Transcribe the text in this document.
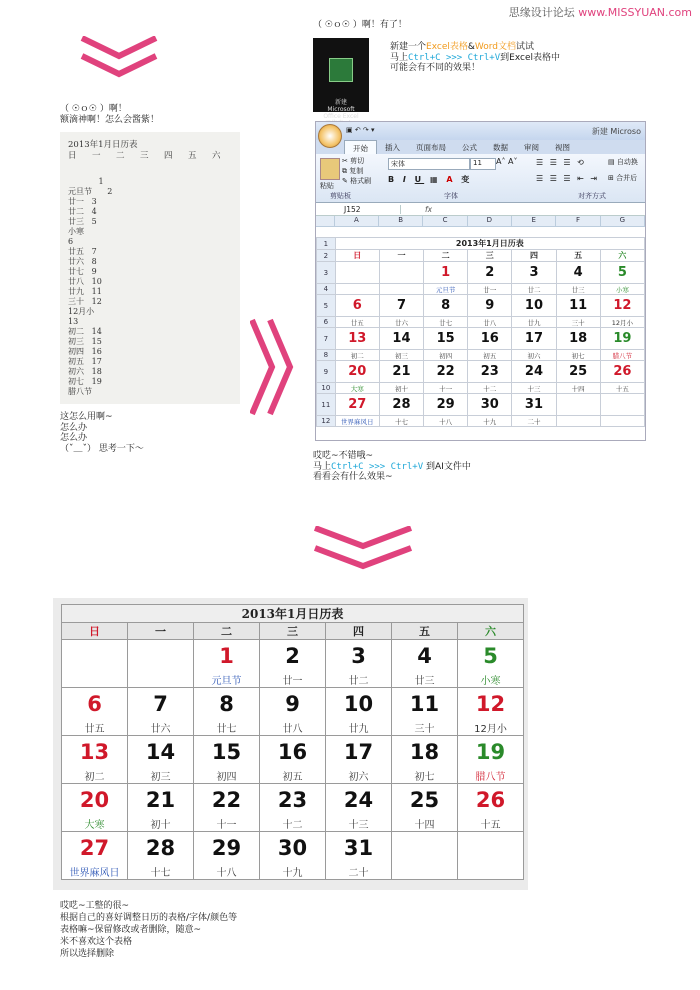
思缘设计论坛 www.MISSYUAN.com
（ ☉ｏ☉ ）啊！
额滴神啊！怎么会酱紫！
2013年1月日历表
日	一	二	三	四	五	六
1
元旦节      2
廿一   3
廿二   4
廿三   5
小寒
6
廿五   7
廿六   8
廿七   9
廿八   10
廿九   11
三十   12
12月小
13
初二   14
初三   15
初四   16
初五   17
初六   18
初七   19
腊八节
这怎么用啊~
怎么办
怎么办
（ˇ＿ˇ） 思考一下～
（ ☉ｏ☉ ）啊！有了！

新建
Microsoft
Office Excel

新建一个Excel表格&Word文档试试
马上Ctrl+C >>> Ctrl+V到Excel表格中
可能会有不同的效果！
▣ ↶ ↷ ▾	新建 Microso
开始	插入	页面布局	公式	数据	审阅	视图
粘贴
✂ 剪切
⧉ 复制
✎ 格式刷
剪贴板
宋体	11	A˄ A˅
B I U ▦ A 变
字体
☰ ☰ ☰ ⟲
☰ ☰ ☰ ⇤ ⇥
▤ 自动换
⊞ 合并后
对齐方式
J152	fx
A	B	C	D	E	F	G
1	2013年1月日历表						
2	日	一	二	三	四	五	六
3			1	2	3	4	5
4			元旦节	廿一	廿二	廿三	小寒
5	6	7	8	9	10	11	12
6	廿五	廿六	廿七	廿八	廿九	三十	12月小
7	13	14	15	16	17	18	19
8	初二	初三	初四	初五	初六	初七	腊八节
9	20	21	22	23	24	25	26
10	大寒	初十	十一	十二	十三	十四	十五
11	27	28	29	30	31		
12	世界麻风日	十七	十八	十九	二十		
哎呓~不错哦~
马上Ctrl+C >>> Ctrl+V 到AI文件中
看看会有什么效果~
2013年1月日历表						
日	一	二	三	四	五	六
		1	2	3	4	5
		元旦节	廿一	廿二	廿三	小寒
6	7	8	9	10	11	12
廿五	廿六	廿七	廿八	廿九	三十	12月小
13	14	15	16	17	18	19
初二	初三	初四	初五	初六	初七	腊八节
20	21	22	23	24	25	26
大寒	初十	十一	十二	十三	十四	十五
27	28	29	30	31		
世界麻风日	十七	十八	十九	二十		
哎呓~工整的很~
根据自己的喜好调整日历的表格/字体/颜色等
表格嘛~保留修改或者删除，随意~
米不喜欢这个表格
所以选择删除
